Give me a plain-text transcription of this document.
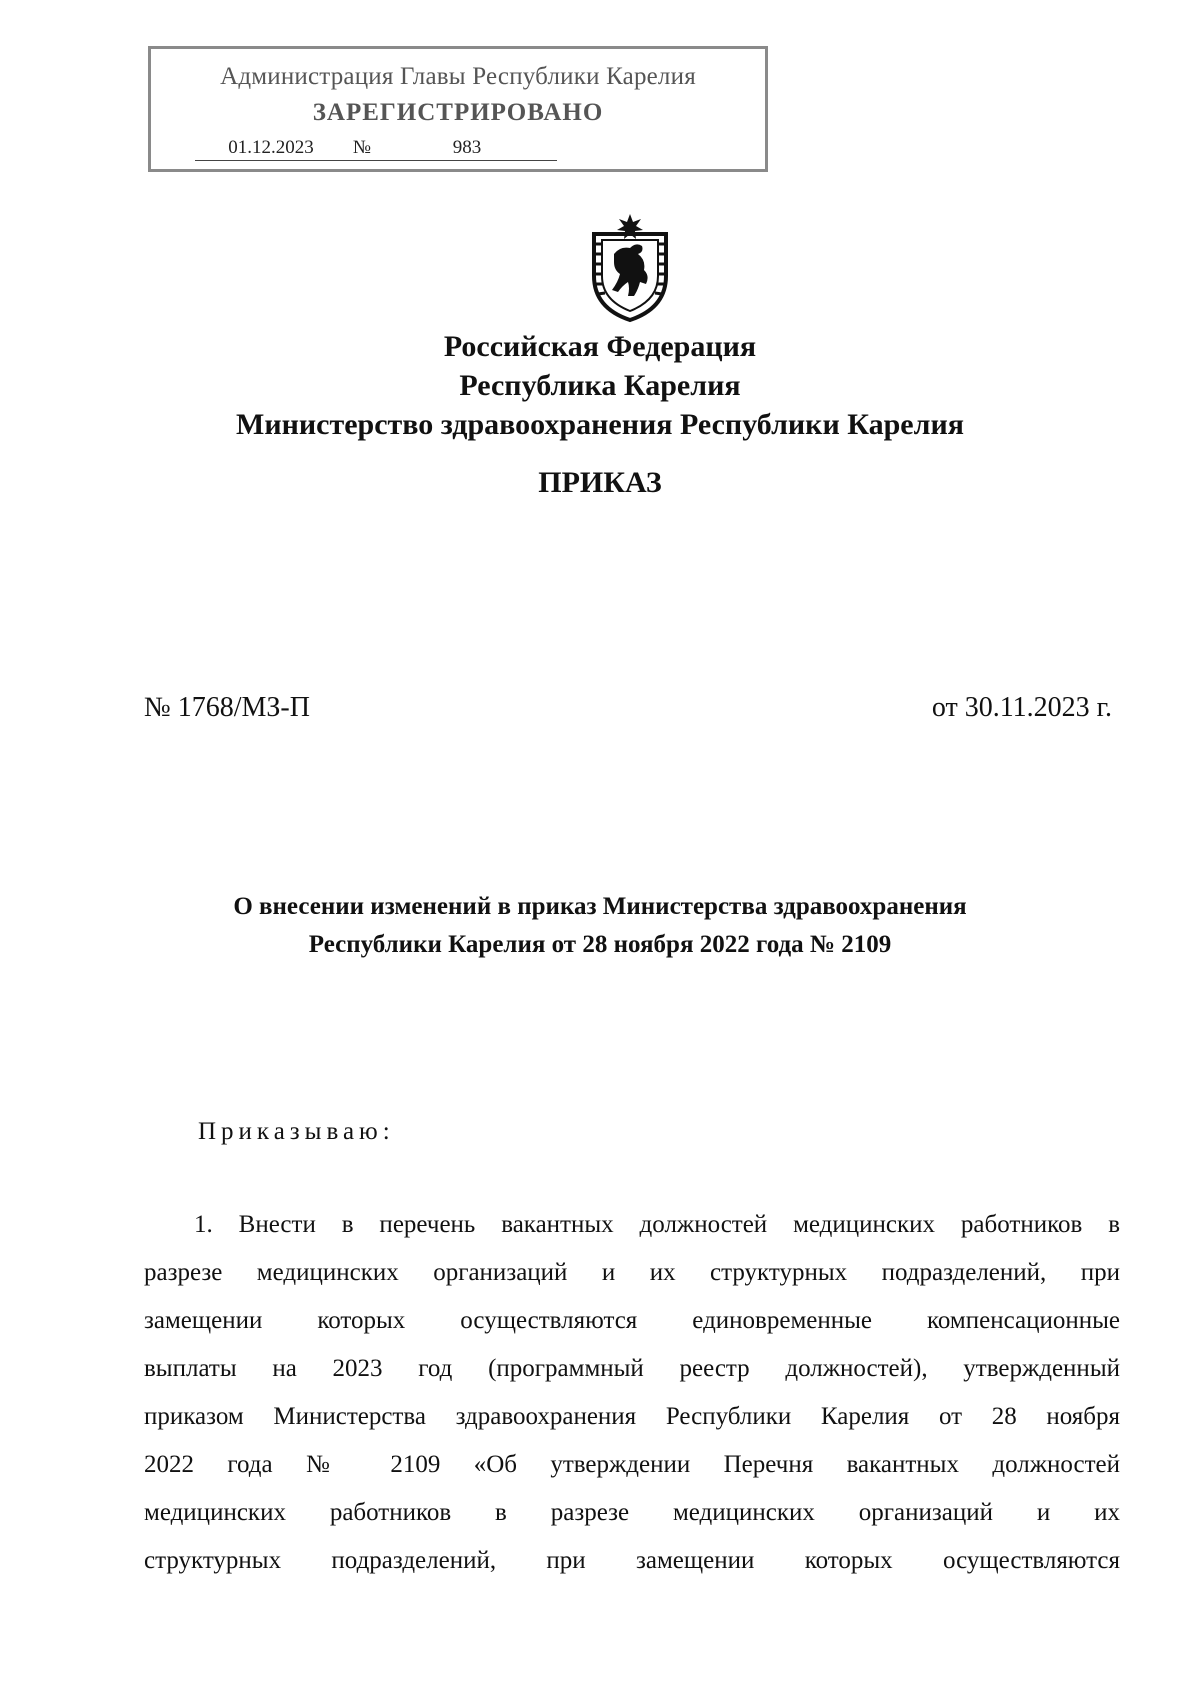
Администрация Главы Республики Карелия
ЗАРЕГИСТРИРОВАНО
01.12.2023 №	983
Российская Федерация
Республика Карелия
Министерство здравоохранения Республики Карелия
ПРИКАЗ
№ 1768/МЗ-П	от 30.11.2023 г.
О внесении изменений в приказ Министерства здравоохранения
Республики Карелия от 28 ноября 2022 года № 2109
Приказываю:
1. Внести в перечень вакантных должностей медицинских работников в
разрезе медицинских организаций и их структурных подразделений, при
замещении которых осуществляются единовременные компенсационные
выплаты на 2023 год (программный реестр должностей), утвержденный
приказом Министерства здравоохранения Республики Карелия от 28 ноября
2022 года № 2109 «Об утверждении Перечня вакантных должностей
медицинских работников в разрезе медицинских организаций и их
структурных подразделений, при замещении которых осуществляются
